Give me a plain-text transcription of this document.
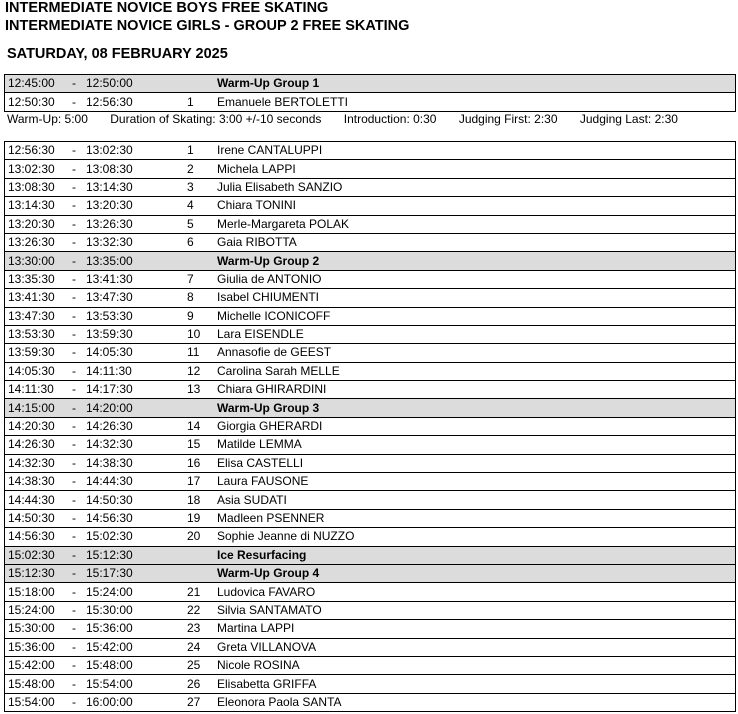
INTERMEDIATE NOVICE BOYS FREE SKATING
INTERMEDIATE NOVICE GIRLS - GROUP 2 FREE SKATING
SATURDAY, 08 FEBRUARY 2025
12:45:00 - 12:50:00		Warm-Up Group 1
12:50:30 - 12:56:30	1	Emanuele BERTOLETTI
Warm-Up: 5:00 Duration of Skating: 3:00 +/-10 seconds Introduction: 0:30 Judging First: 2:30 Judging Last: 2:30
12:56:30 - 13:02:30	1	Irene CANTALUPPI
13:02:30 - 13:08:30	2	Michela LAPPI
13:08:30 - 13:14:30	3	Julia Elisabeth SANZIO
13:14:30 - 13:20:30	4	Chiara TONINI
13:20:30 - 13:26:30	5	Merle-Margareta POLAK
13:26:30 - 13:32:30	6	Gaia RIBOTTA
13:30:00 - 13:35:00		Warm-Up Group 2
13:35:30 - 13:41:30	7	Giulia de ANTONIO
13:41:30 - 13:47:30	8	Isabel CHIUMENTI
13:47:30 - 13:53:30	9	Michelle ICONICOFF
13:53:30 - 13:59:30	10	Lara EISENDLE
13:59:30 - 14:05:30	11	Annasofie de GEEST
14:05:30 - 14:11:30	12	Carolina Sarah MELLE
14:11:30 - 14:17:30	13	Chiara GHIRARDINI
14:15:00 - 14:20:00		Warm-Up Group 3
14:20:30 - 14:26:30	14	Giorgia GHERARDI
14:26:30 - 14:32:30	15	Matilde LEMMA
14:32:30 - 14:38:30	16	Elisa CASTELLI
14:38:30 - 14:44:30	17	Laura FAUSONE
14:44:30 - 14:50:30	18	Asia SUDATI
14:50:30 - 14:56:30	19	Madleen PSENNER
14:56:30 - 15:02:30	20	Sophie Jeanne di NUZZO
15:02:30 - 15:12:30		Ice Resurfacing
15:12:30 - 15:17:30		Warm-Up Group 4
15:18:00 - 15:24:00	21	Ludovica FAVARO
15:24:00 - 15:30:00	22	Silvia SANTAMATO
15:30:00 - 15:36:00	23	Martina LAPPI
15:36:00 - 15:42:00	24	Greta VILLANOVA
15:42:00 - 15:48:00	25	Nicole ROSINA
15:48:00 - 15:54:00	26	Elisabetta GRIFFA
15:54:00 - 16:00:00	27	Eleonora Paola SANTA
